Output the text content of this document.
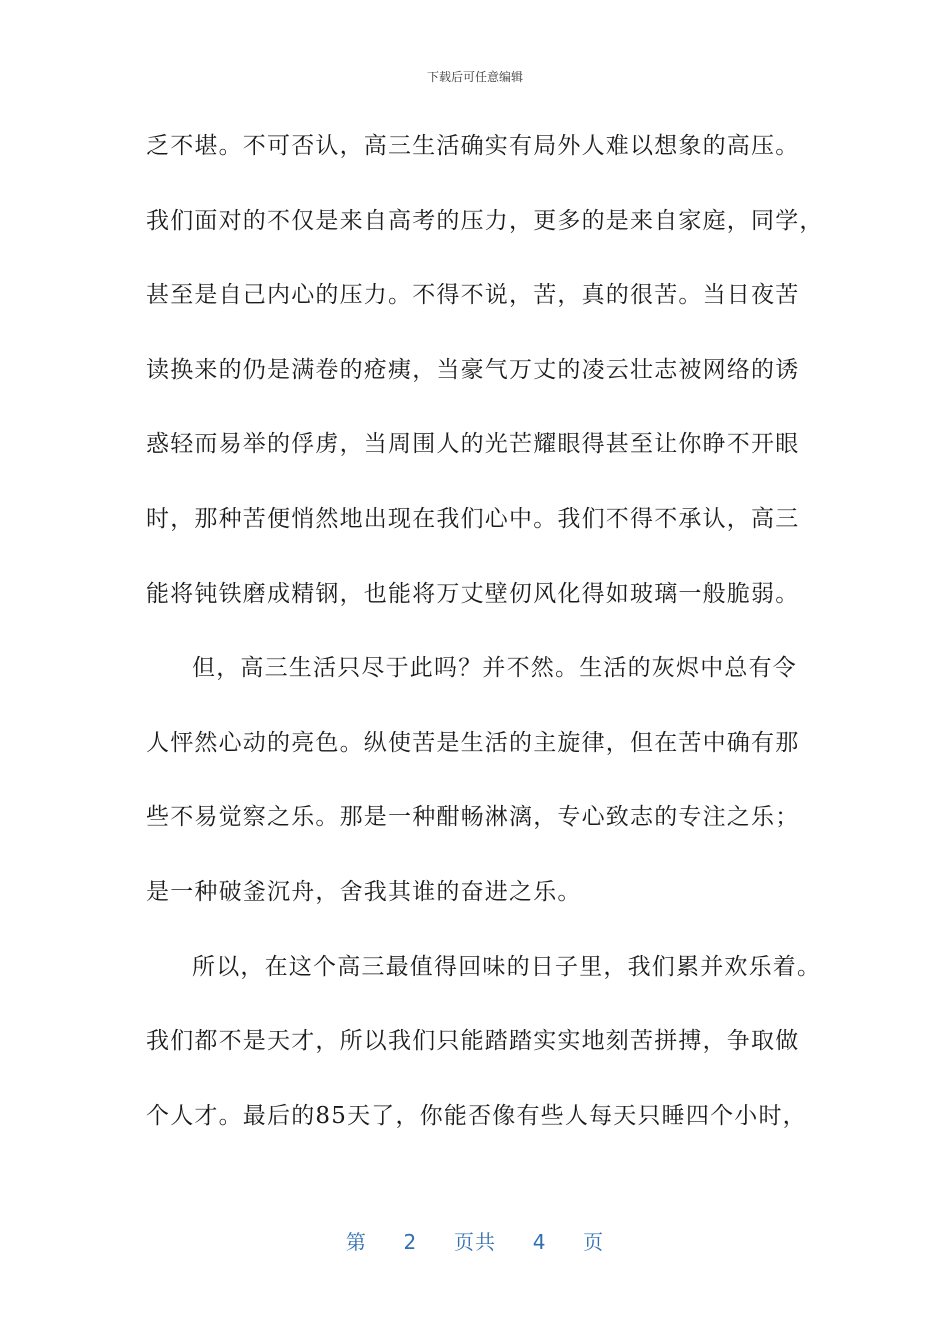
下载后可任意编辑
乏不堪。不可否认，高三生活确实有局外人难以想象的高压。
我们面对的不仅是来自高考的压力，更多的是来自家庭，同学，
甚至是自己内心的压力。不得不说，苦，真的很苦。当日夜苦
读换来的仍是满卷的疮痍，当豪气万丈的凌云壮志被网络的诱
惑轻而易举的俘虏，当周围人的光芒耀眼得甚至让你睁不开眼
时，那种苦便悄然地出现在我们心中。我们不得不承认，高三
能将钝铁磨成精钢，也能将万丈壁仞风化得如玻璃一般脆弱。
但，高三生活只尽于此吗？并不然。生活的灰烬中总有令
人怦然心动的亮色。纵使苦是生活的主旋律，但在苦中确有那
些不易觉察之乐。那是一种酣畅淋漓，专心致志的专注之乐；
是一种破釜沉舟，舍我其谁的奋进之乐。
所以，在这个高三最值得回味的日子里，我们累并欢乐着。
我们都不是天才，所以我们只能踏踏实实地刻苦拼搏，争取做
个人才。最后的85天了，你能否像有些人每天只睡四个小时，
第 2 页共 4 页
